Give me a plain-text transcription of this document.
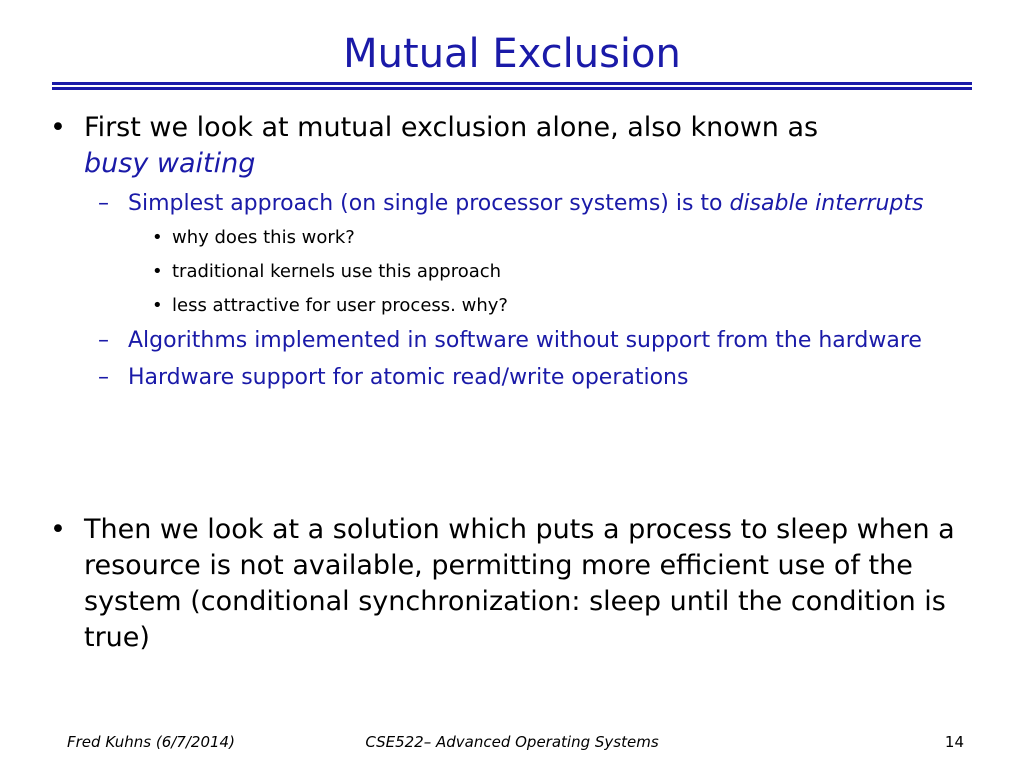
Mutual Exclusion
• First we look at mutual exclusion alone, also known as
busy waiting
– Simplest approach (on single processor systems) is to disable interrupts
• why does this work?
• traditional kernels use this approach
• less attractive for user process. why?
– Algorithms implemented in software without support from the hardware
– Hardware support for atomic read/write operations
• Then we look at a solution which puts a process to sleep when a resource is not available, permitting more efficient use of the system (conditional synchronization: sleep until the condition is true)
Fred Kuhns (6/7/2014)	CSE522– Advanced Operating Systems	14
